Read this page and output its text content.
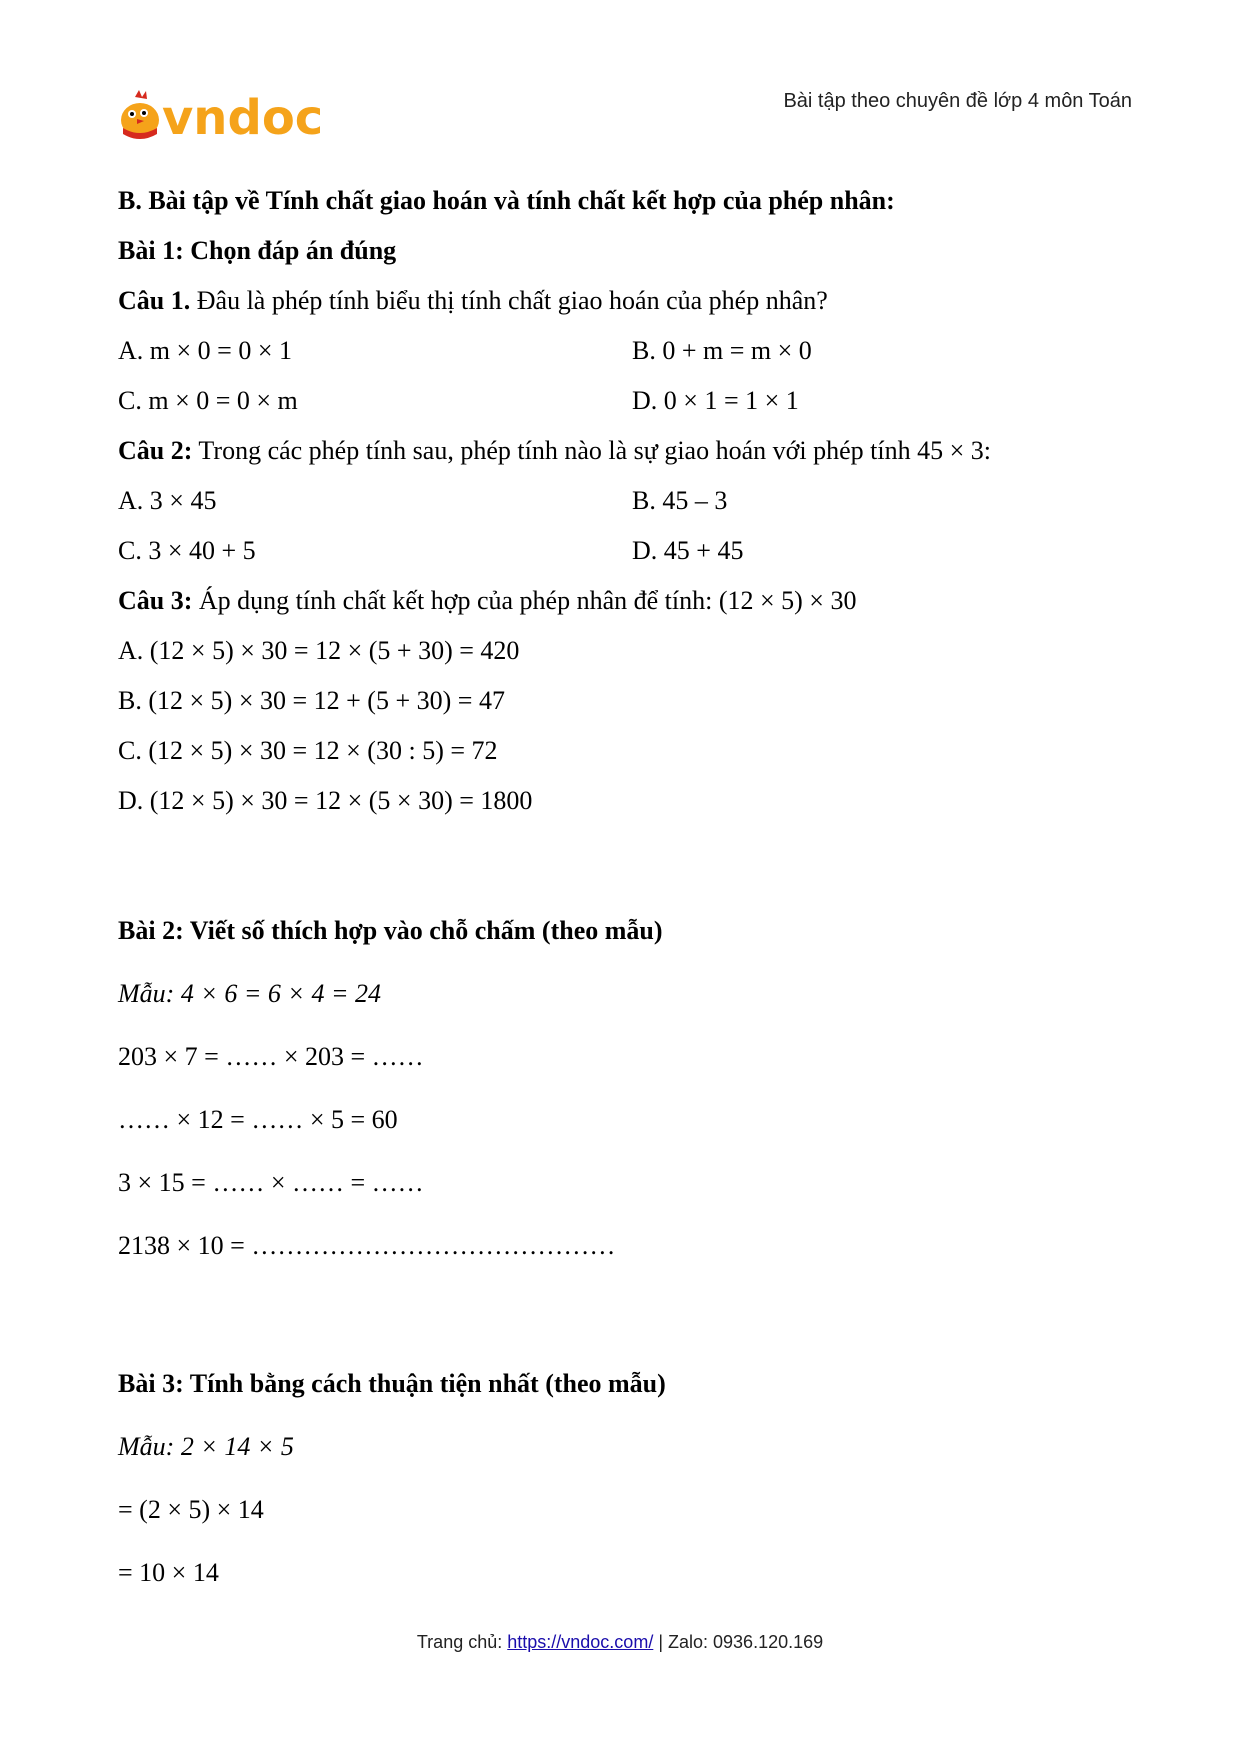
vndoc	Bài tập theo chuyên đề lớp 4 môn Toán
B. Bài tập về Tính chất giao hoán và tính chất kết hợp của phép nhân:
Bài 1: Chọn đáp án đúng
Câu 1. Đâu là phép tính biểu thị tính chất giao hoán của phép nhân?
A. m × 0 = 0 × 1	B. 0 + m = m × 0
C. m × 0 = 0 × m	D. 0 × 1 = 1 × 1
Câu 2: Trong các phép tính sau, phép tính nào là sự giao hoán với phép tính 45 × 3:
A. 3 × 45	B. 45 – 3
C. 3 × 40 + 5	D. 45 + 45
Câu 3: Áp dụng tính chất kết hợp của phép nhân để tính: (12 × 5) × 30
A. (12 × 5) × 30 = 12 × (5 + 30) = 420
B. (12 × 5) × 30 = 12 + (5 + 30) = 47
C. (12 × 5) × 30 = 12 × (30 : 5) = 72
D. (12 × 5) × 30 = 12 × (5 × 30) = 1800
Bài 2: Viết số thích hợp vào chỗ chấm (theo mẫu)
Mẫu: 4 × 6 = 6 × 4 = 24
203 × 7 = …… × 203 = ……
…… × 12 = …… × 5 = 60
3 × 15 = …… × …… = ……
2138 × 10 = ……………………………………
Bài 3: Tính bằng cách thuận tiện nhất (theo mẫu)
Mẫu: 2 × 14 × 5
= (2 × 5) × 14
= 10 × 14
Trang chủ: https://vndoc.com/ | Zalo: 0936.120.169
